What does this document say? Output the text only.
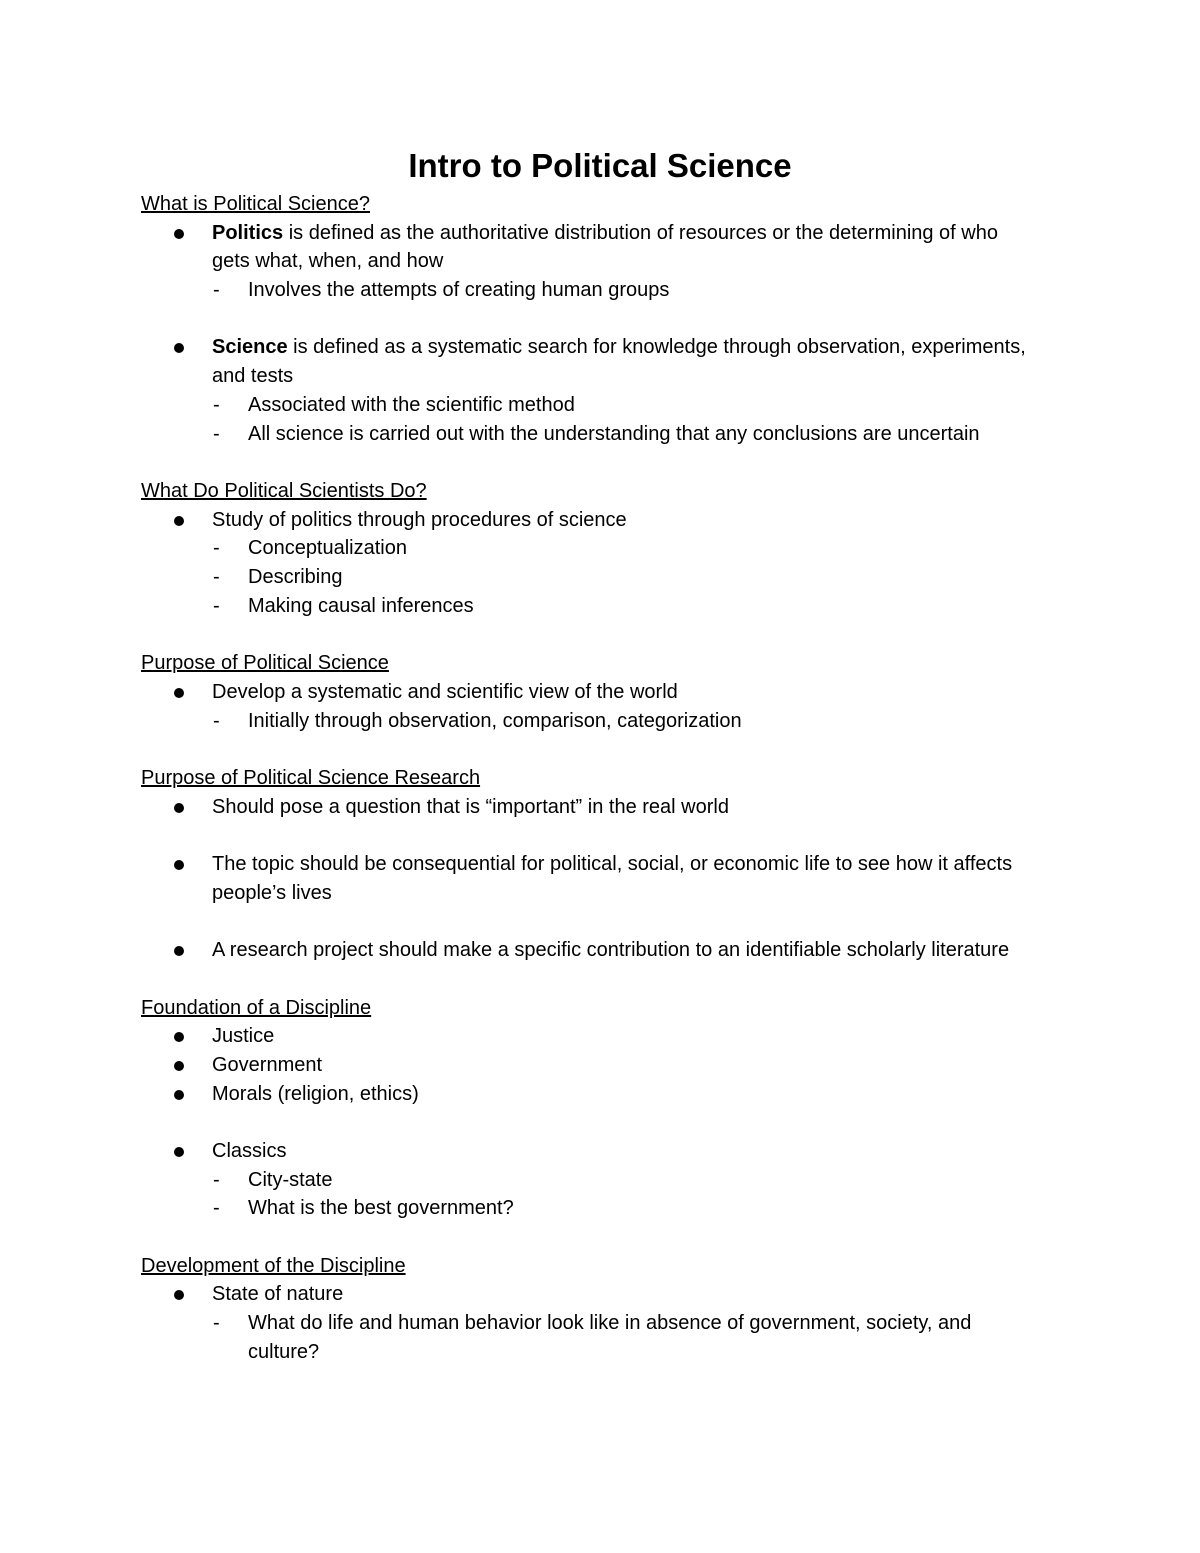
Intro to Political Science

What is Political Science?

Politics is defined as the authoritative distribution of resources or the determining of who gets what, when, and how
- Involves the attempts of creating human groups
Science is defined as a systematic search for knowledge through observation, experiments, and tests
- Associated with the scientific method
- All science is carried out with the understanding that any conclusions are uncertain

What Do Political Scientists Do?

Study of politics through procedures of science
- Conceptualization
- Describing
- Making causal inferences

Purpose of Political Science

Develop a systematic and scientific view of the world
- Initially through observation, comparison, categorization

Purpose of Political Science Research

Should pose a question that is “important” in the real world
The topic should be consequential for political, social, or economic life to see how it affects people’s lives
A research project should make a specific contribution to an identifiable scholarly literature

Foundation of a Discipline

Justice
Government
Morals (religion, ethics)
Classics
- City-state
- What is the best government?

Development of the Discipline

State of nature
- What do life and human behavior look like in absence of government, society, and culture?
